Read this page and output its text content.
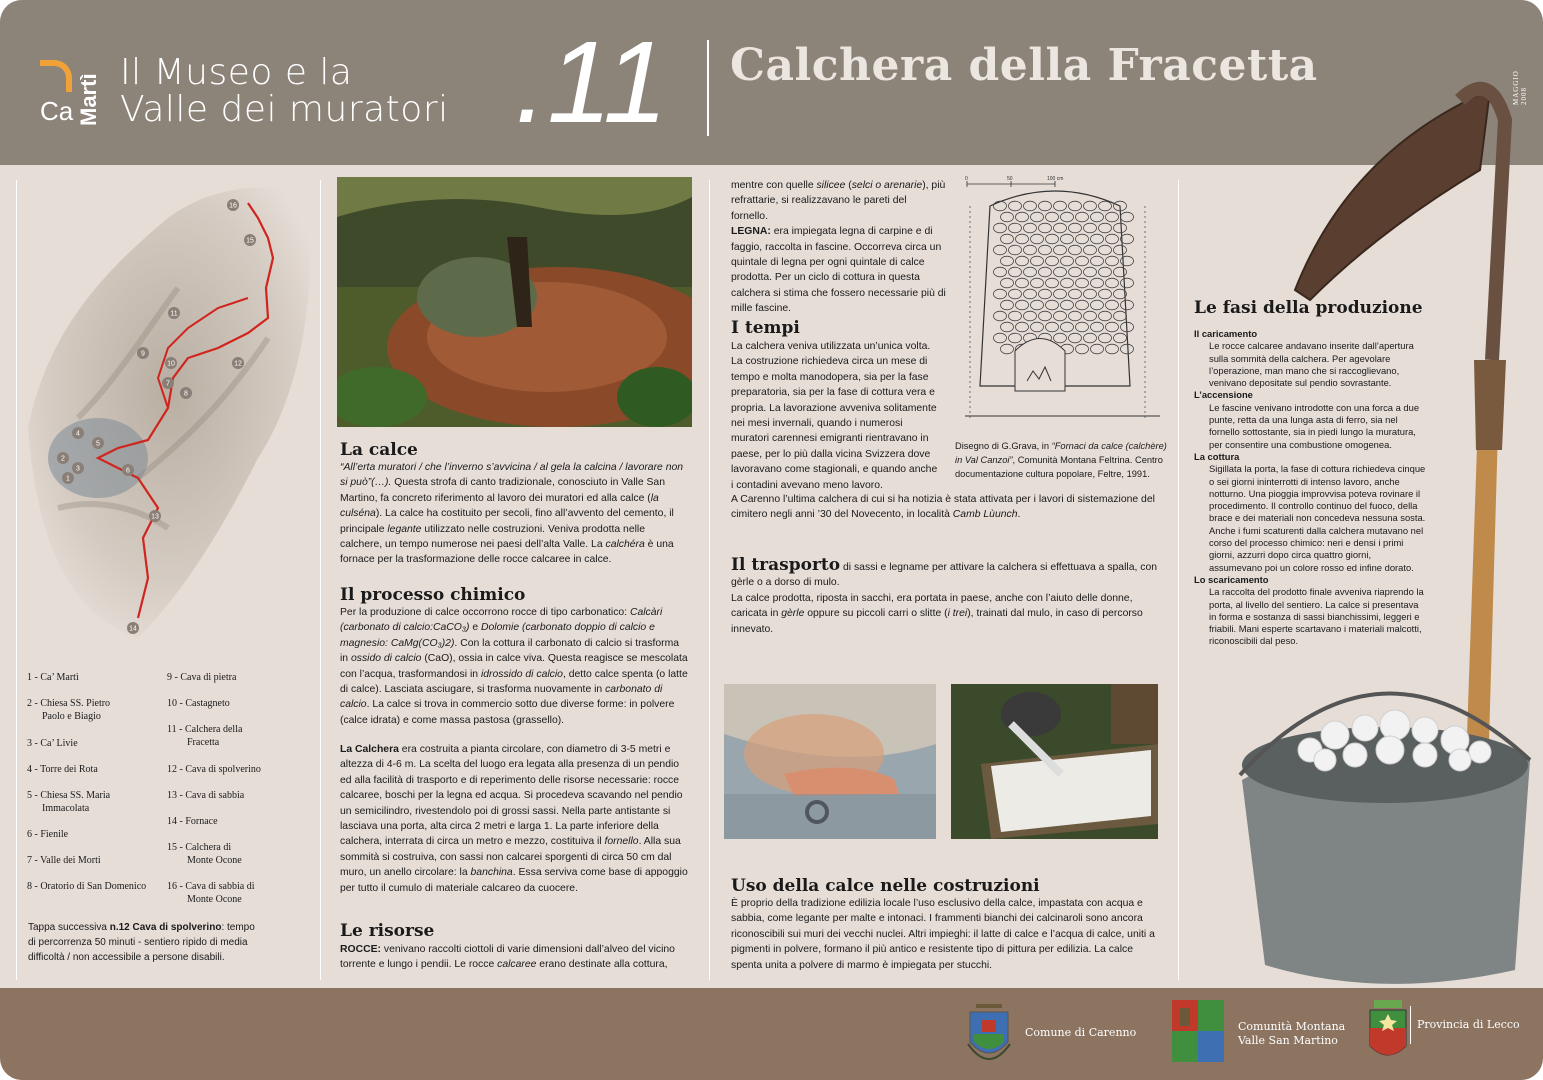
Ca Martì
Il Museo e la
Valle dei muratori .11 Calchera della Fracetta	MAGGIO 2008
1
2
3
4
5
6
7
8
9
10
11
12
13
14
15
16
1 - Ca’ Martì
2 - Chiesa SS. Pietro
Paolo e Biagio
3 - Ca’ Livie
4 - Torre dei Rota
5 - Chiesa SS. Maria
Immacolata
6 - Fienile
7 - Valle dei Morti
8 - Oratorio di San Domenico
9 - Cava di pietra
10 - Castagneto
11 - Calchera della
Fracetta
12 - Cava di spolverino
13 - Cava di sabbia
14 - Fornace
15 - Calchera di
Monte Ocone
16 - Cava di sabbia di
Monte Ocone
Tappa successiva n.12 Cava di spolverino: tempo di percorrenza 50 minuti - sentiero ripido di media difficoltà / non accessibile a persone disabili.
La calce
“All’erta muratori / che l’inverno s’avvicina / al gela la calcina / lavorare non si può”(…). Questa strofa di canto tradizionale, conosciuto in Valle San Martino, fa concreto riferimento al lavoro dei muratori ed alla calce (la culséna). La calce ha costituito per secoli, fino all’avvento del cemento, il principale legante utilizzato nelle costruzioni. Veniva prodotta nelle calchere, un tempo numerose nei paesi dell’alta Valle. La calchéra è una fornace per la trasformazione delle rocce calcaree in calce.
Il processo chimico
Per la produzione di calce occorrono rocce di tipo carbonatico: Calcàri (carbonato di calcio:CaCO₃) e Dolomie (carbonato doppio di calcio e magnesio: CaMg(CO₃)2). Con la cottura il carbonato di calcio si trasforma in ossido di calcio (CaO), ossia in calce viva. Questa reagisce se mescolata con l’acqua, trasformandosi in idrossido di calcio, detto calce spenta (o latte di calce). Lasciata asciugare, si trasforma nuovamente in carbonato di calcio. La calce si trova in commercio sotto due diverse forme: in polvere (calce idrata) e come massa pastosa (grassello).
La Calchera era costruita a pianta circolare, con diametro di 3-5 metri e altezza di 4-6 m. La scelta del luogo era legata alla presenza di un pendio ed alla facilità di trasporto e di reperimento delle risorse necessarie: rocce calcaree, boschi per la legna ed acqua. Si procedeva scavando nel pendio un semicilindro, rivestendolo poi di grossi sassi. Nella parte antistante si lasciava una porta, alta circa 2 metri e larga 1. La parte inferiore della calchera, interrata di circa un metro e mezzo, costituiva il fornello. Alla sua sommità si costruiva, con sassi non calcarei sporgenti di circa 50 cm dal muro, un anello circolare: la banchina. Essa serviva come base di appoggio per tutto il cumulo di materiale calcareo da cuocere.
Le risorse
ROCCE: venivano raccolti ciottoli di varie dimensioni dall’alveo del vicino torrente e lungo i pendii. Le rocce calcaree erano destinate alla cottura,
mentre con quelle silicee (selci o arenarie), più refrattarie, si realizzavano le pareti del fornello.
LEGNA: era impiegata legna di carpine e di faggio, raccolta in fascine. Occorreva circa un quintale di legna per ogni quintale di calce prodotta. Per un ciclo di cottura in questa calchera si stima che fossero necessarie più di mille fascine.
0	50	100 cm
Disegno di G.Grava, in “Fornaci da calce (calchère) in Val Canzoi”, Comunità Montana Feltrina. Centro documentazione cultura popolare, Feltre, 1991.
I tempi
La calchera veniva utilizzata un’unica volta. La costruzione richiedeva circa un mese di tempo e molta manodopera, sia per la fase preparatoria, sia per la fase di cottura vera e propria. La lavorazione avveniva solitamente nei mesi invernali, quando i numerosi muratori carennesi emigranti rientravano in paese, per lo più dalla vicina Svizzera dove lavoravano come stagionali, e quando anche i contadini avevano meno lavoro.
A Carenno l’ultima calchera di cui si ha notizia è stata attivata per i lavori di sistemazione del cimitero negli anni ’30 del Novecento, in località Camb Lùunch.
Il trasporto di sassi e legname per attivare la calchera si effettuava a spalla, con gèrle o a dorso di mulo.
La calce prodotta, riposta in sacchi, era portata in paese, anche con l’aiuto delle donne, caricata in gèrle oppure su piccoli carri o slitte (i trei), trainati dal mulo, in caso di percorso innevato.
Uso della calce nelle costruzioni
È proprio della tradizione edilizia locale l’uso esclusivo della calce, impastata con acqua e sabbia, come legante per malte e intonaci. I frammenti bianchi dei calcinaroli sono ancora riconoscibili sui muri dei vecchi nuclei. Altri impieghi: il latte di calce e l’acqua di calce, uniti a pigmenti in polvere, formano il più antico e resistente tipo di pittura per edilizia. La calce spenta unita a polvere di marmo è impiegata per stucchi.
Le fasi della produzione
Il caricamento
Le rocce calcaree andavano inserite dall’apertura sulla sommità della calchera. Per agevolare l’operazione, man mano che si raccoglievano, venivano depositate sul pendio sovrastante.
L’accensione
Le fascine venivano introdotte con una forca a due punte, retta da una lunga asta di ferro, sia nel fornello sottostante, sia in piedi lungo la muratura, per consentire una combustione omogenea.
La cottura
Sigillata la porta, la fase di cottura richiedeva cinque o sei giorni ininterrotti di intenso lavoro, anche notturno. Una pioggia improvvisa poteva rovinare il procedimento. Il controllo continuo del fuoco, della brace e dei materiali non concedeva nessuna sosta. Anche i fumi scaturenti dalla calchera mutavano nel corso del processo chimico: neri e densi i primi giorni, azzurri dopo circa quattro giorni, assumevano poi un colore rosso ed infine dorato.
Lo scaricamento
La raccolta del prodotto finale avveniva riaprendo la porta, al livello del sentiero. La calce si presentava in forma e sostanza di sassi bianchissimi, leggeri e friabili. Mani esperte scartavano i materiali malcotti, riconoscibili dal peso.
Comune di Carenno	Comunità Montana
Valle San Martino
Provincia di Lecco
